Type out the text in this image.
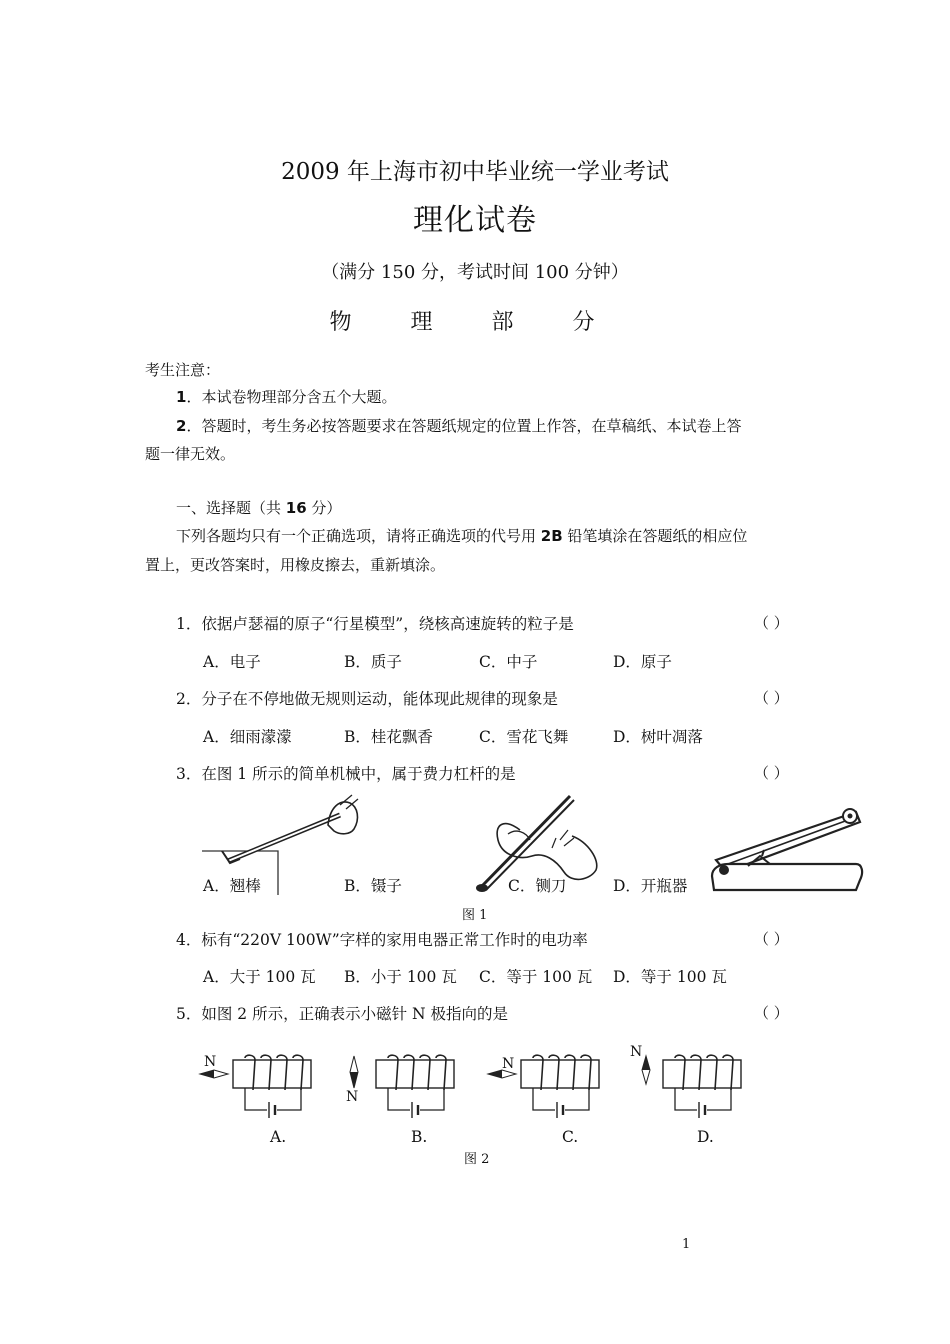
2009 年上海市初中毕业统一学业考试
理化试卷
（满分 150 分，考试时间 100 分钟）
物 理 部 分
考生注意：
1．本试卷物理部分含五个大题。
2．答题时，考生务必按答题要求在答题纸规定的位置上作答，在草稿纸、本试卷上答
题一律无效。
一、选择题（共 16 分）
下列各题均只有一个正确选项，请将正确选项的代号用 2B 铅笔填涂在答题纸的相应位
置上，更改答案时，用橡皮擦去，重新填涂。
1．依据卢瑟福的原子“行星模型”，绕核高速旋转的粒子是	（ ）
A．电子	B．质子	C．中子	D．原子
2．分子在不停地做无规则运动，能体现此规律的现象是	（ ）
A．细雨濛濛	B．桂花飘香	C．雪花飞舞	D．树叶凋落
3．在图 1 所示的简单机械中，属于费力杠杆的是	（ ）
A．翘棒	B．镊子	C．铡刀	D．开瓶器
图 1
4．标有“220V 100W”字样的家用电器正常工作时的电功率	（ ）
A．大于 100 瓦 B．小于 100 瓦 C．等于 100 瓦 D．等于 100 瓦
5．如图 2 所示，正确表示小磁针 N 极指向的是	（ ）
N
N
N
N
A.	B.	C.	D.
图 2
1
